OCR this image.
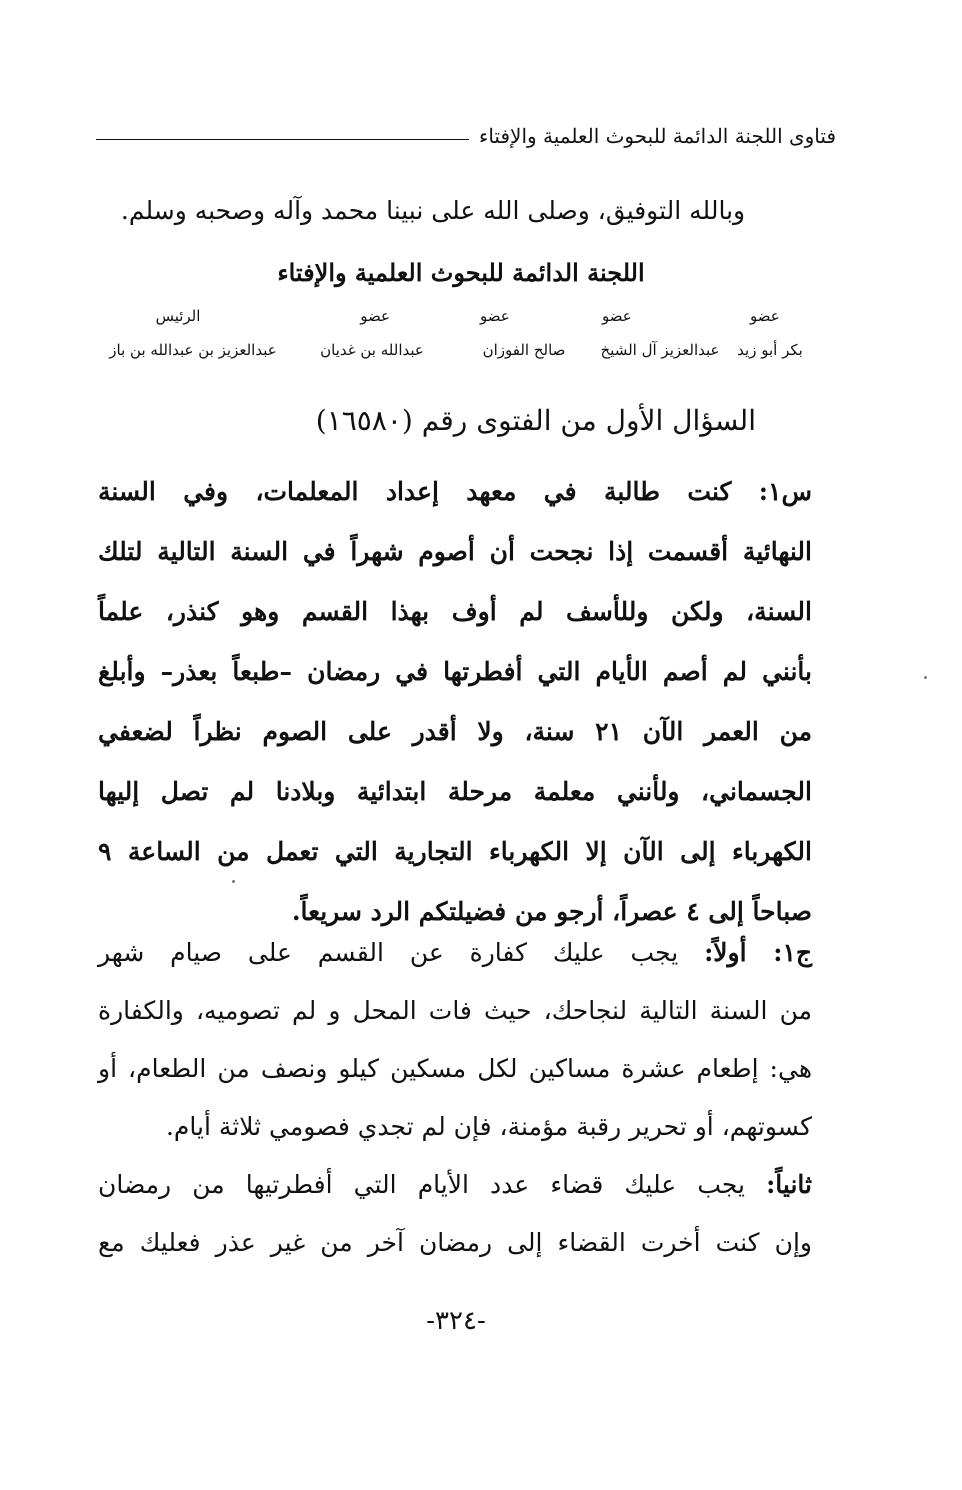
فتاوى اللجنة الدائمة للبحوث العلمية والإفتاء
وبالله التوفيق، وصلى الله على نبينا محمد وآله وصحبه وسلم.
اللجنة الدائمة للبحوث العلمية والإفتاء
عضو
بكر أبو زيد
عضو
عبدالعزيز آل الشيخ
عضو
صالح الفوزان
عضو
عبدالله بن غديان
الرئيس
عبدالعزيز بن عبدالله بن باز
السؤال الأول من الفتوى رقم (١٦٥٨٠)
س١: كنت طالبة في معهد إعداد المعلمات، وفي السنة
النهائية أقسمت إذا نجحت أن أصوم شهراً في السنة التالية لتلك
السنة، ولكن وللأسف لم أوف بهذا القسم وهو كنذر، علماً
بأنني لم أصم الأيام التي أفطرتها في رمضان –طبعاً بعذر– وأبلغ
من العمر الآن ٢١ سنة، ولا أقدر على الصوم نظراً لضعفي
الجسماني، ولأنني معلمة مرحلة ابتدائية وبلادنا لم تصل إليها
الكهرباء إلى الآن إلا الكهرباء التجارية التي تعمل من الساعة ٩
صباحاً إلى ٤ عصراً، أرجو من فضيلتكم الرد سريعاً.
ج١: أولاً: يجب عليك كفارة عن القسم على صيام شهر
من السنة التالية لنجاحك، حيث فات المحل و لم تصوميه، والكفارة
هي: إطعام عشرة مساكين لكل مسكين كيلو ونصف من الطعام، أو
كسوتهم، أو تحرير رقبة مؤمنة، فإن لم تجدي فصومي ثلاثة أيام.
ثانياً: يجب عليك قضاء عدد الأيام التي أفطرتيها من رمضان
وإن كنت أخرت القضاء إلى رمضان آخر من غير عذر فعليك مع
-٣٢٤-
